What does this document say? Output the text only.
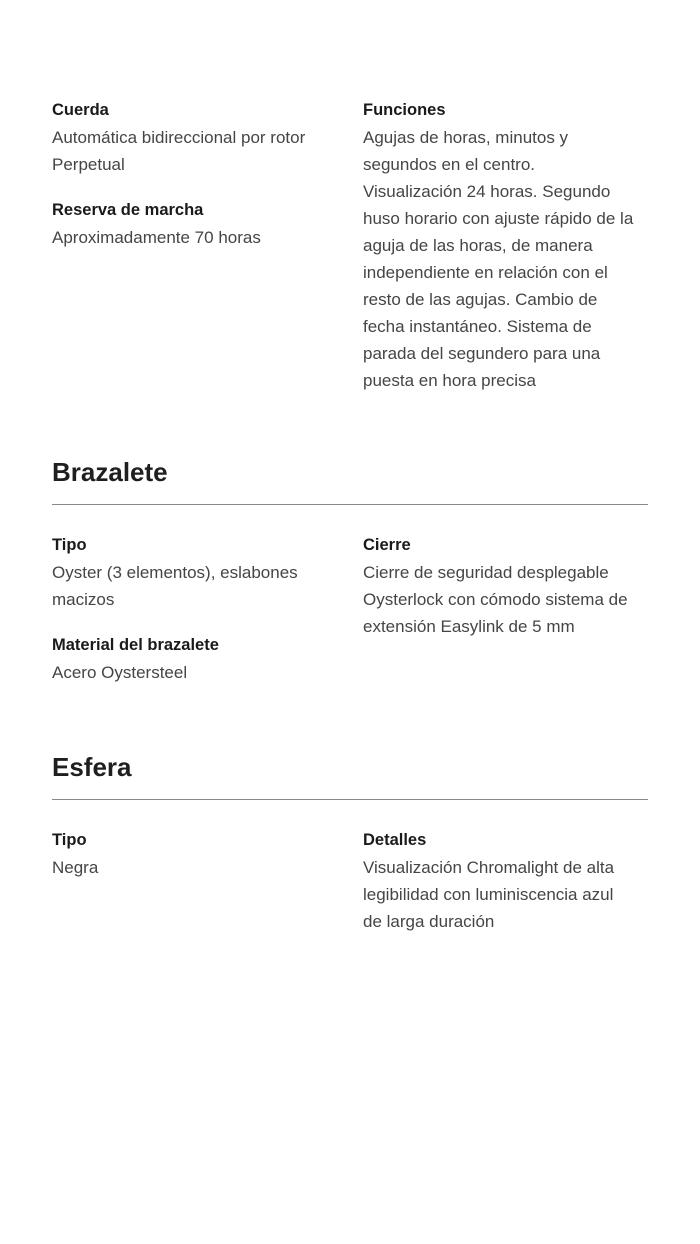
Cuerda
Automática bidireccional por rotor
Perpetual
Reserva de marcha
Aproximadamente 70 horas
Funciones
Agujas de horas, minutos y
segundos en el centro.
Visualización 24 horas. Segundo
huso horario con ajuste rápido de la
aguja de las horas, de manera
independiente en relación con el
resto de las agujas. Cambio de
fecha instantáneo. Sistema de
parada del segundero para una
puesta en hora precisa
Brazalete
Tipo
Oyster (3 elementos), eslabones
macizos
Material del brazalete
Acero Oystersteel
Cierre
Cierre de seguridad desplegable
Oysterlock con cómodo sistema de
extensión Easylink de 5 mm
Esfera
Tipo
Negra
Detalles
Visualización Chromalight de alta
legibilidad con luminiscencia azul
de larga duración
